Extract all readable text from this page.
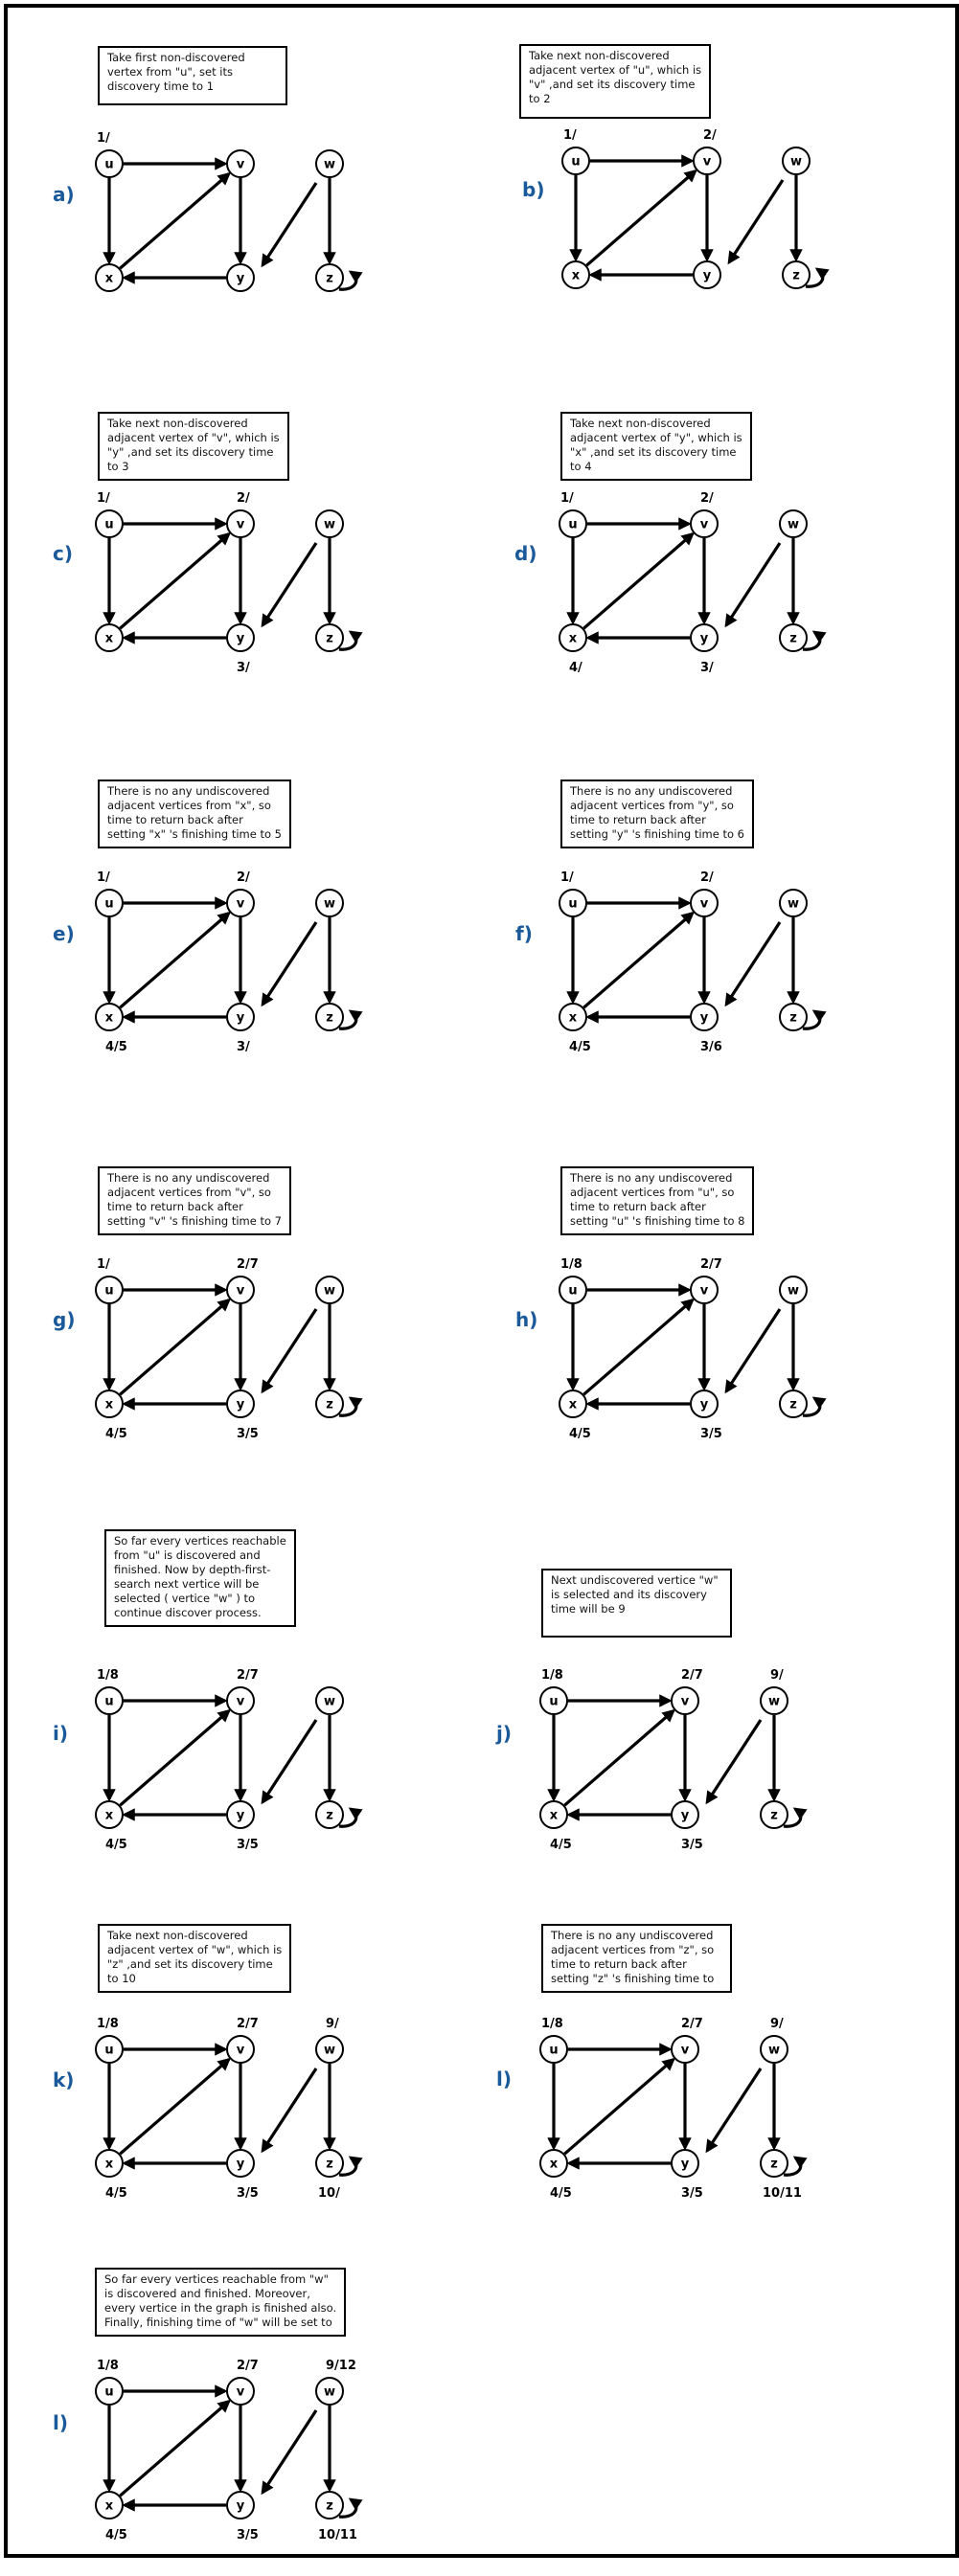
Take first non-discovered

vertex from "u", set its

discovery time to 1

a)
u
1/
v	w
x	y	z

Take next non-discovered

adjacent vertex of "u", which is

"v" ,and set its discovery time

to 2

b)
u
1/
v
2/
w
x	y	z

Take next non-discovered

adjacent vertex of "v", which is

"y" ,and set its discovery time

to 3

c)
u
1/
v
2/
w
x	y
3/
z

Take next non-discovered

adjacent vertex of "y", which is

"x" ,and set its discovery time

to 4

d)
u
1/
v
2/
w
x
4/
y
3/
z

There is no any undiscovered

adjacent vertices from "x", so

time to return back after

setting "x" 's finishing time to 5

e)
u
1/
v
2/
w
x
4/5
y
3/
z

There is no any undiscovered

adjacent vertices from "y", so

time to return back after

setting "y" 's finishing time to 6

f)
u
1/
v
2/
w
x
4/5
y
3/6
z

There is no any undiscovered

adjacent vertices from "v", so

time to return back after

setting "v" 's finishing time to 7

g)
u
1/
v
2/7
w
x
4/5
y
3/5
z

There is no any undiscovered

adjacent vertices from "u", so

time to return back after

setting "u" 's finishing time to 8

h)
u
1/8
v
2/7
w
x
4/5
y
3/5
z

So far every vertices reachable

from "u" is discovered and

finished. Now by depth-first-

search next vertice will be

selected ( vertice "w" ) to

continue discover process.

i)
u
1/8
v
2/7
w
x
4/5
y
3/5
z

Next undiscovered vertice "w"

is selected and its discovery

time will be 9

j)
u
1/8
v
2/7
w
9/
x
4/5
y
3/5
z

Take next non-discovered

adjacent vertex of "w", which is

"z" ,and set its discovery time

to 10

k)
u
1/8
v
2/7
w
9/
x
4/5
y
3/5
z
10/

There is no any undiscovered

adjacent vertices from "z", so

time to return back after

setting "z" 's finishing time to

l)
u
1/8
v
2/7
w
9/
x
4/5
y
3/5
z
10/11

So far every vertices reachable from "w"

is discovered and finished. Moreover,

every vertice in the graph is finished also.

Finally, finishing time of "w" will be set to

l)
u
1/8
v
2/7
w
9/12
x
4/5
y
3/5
z
10/11
